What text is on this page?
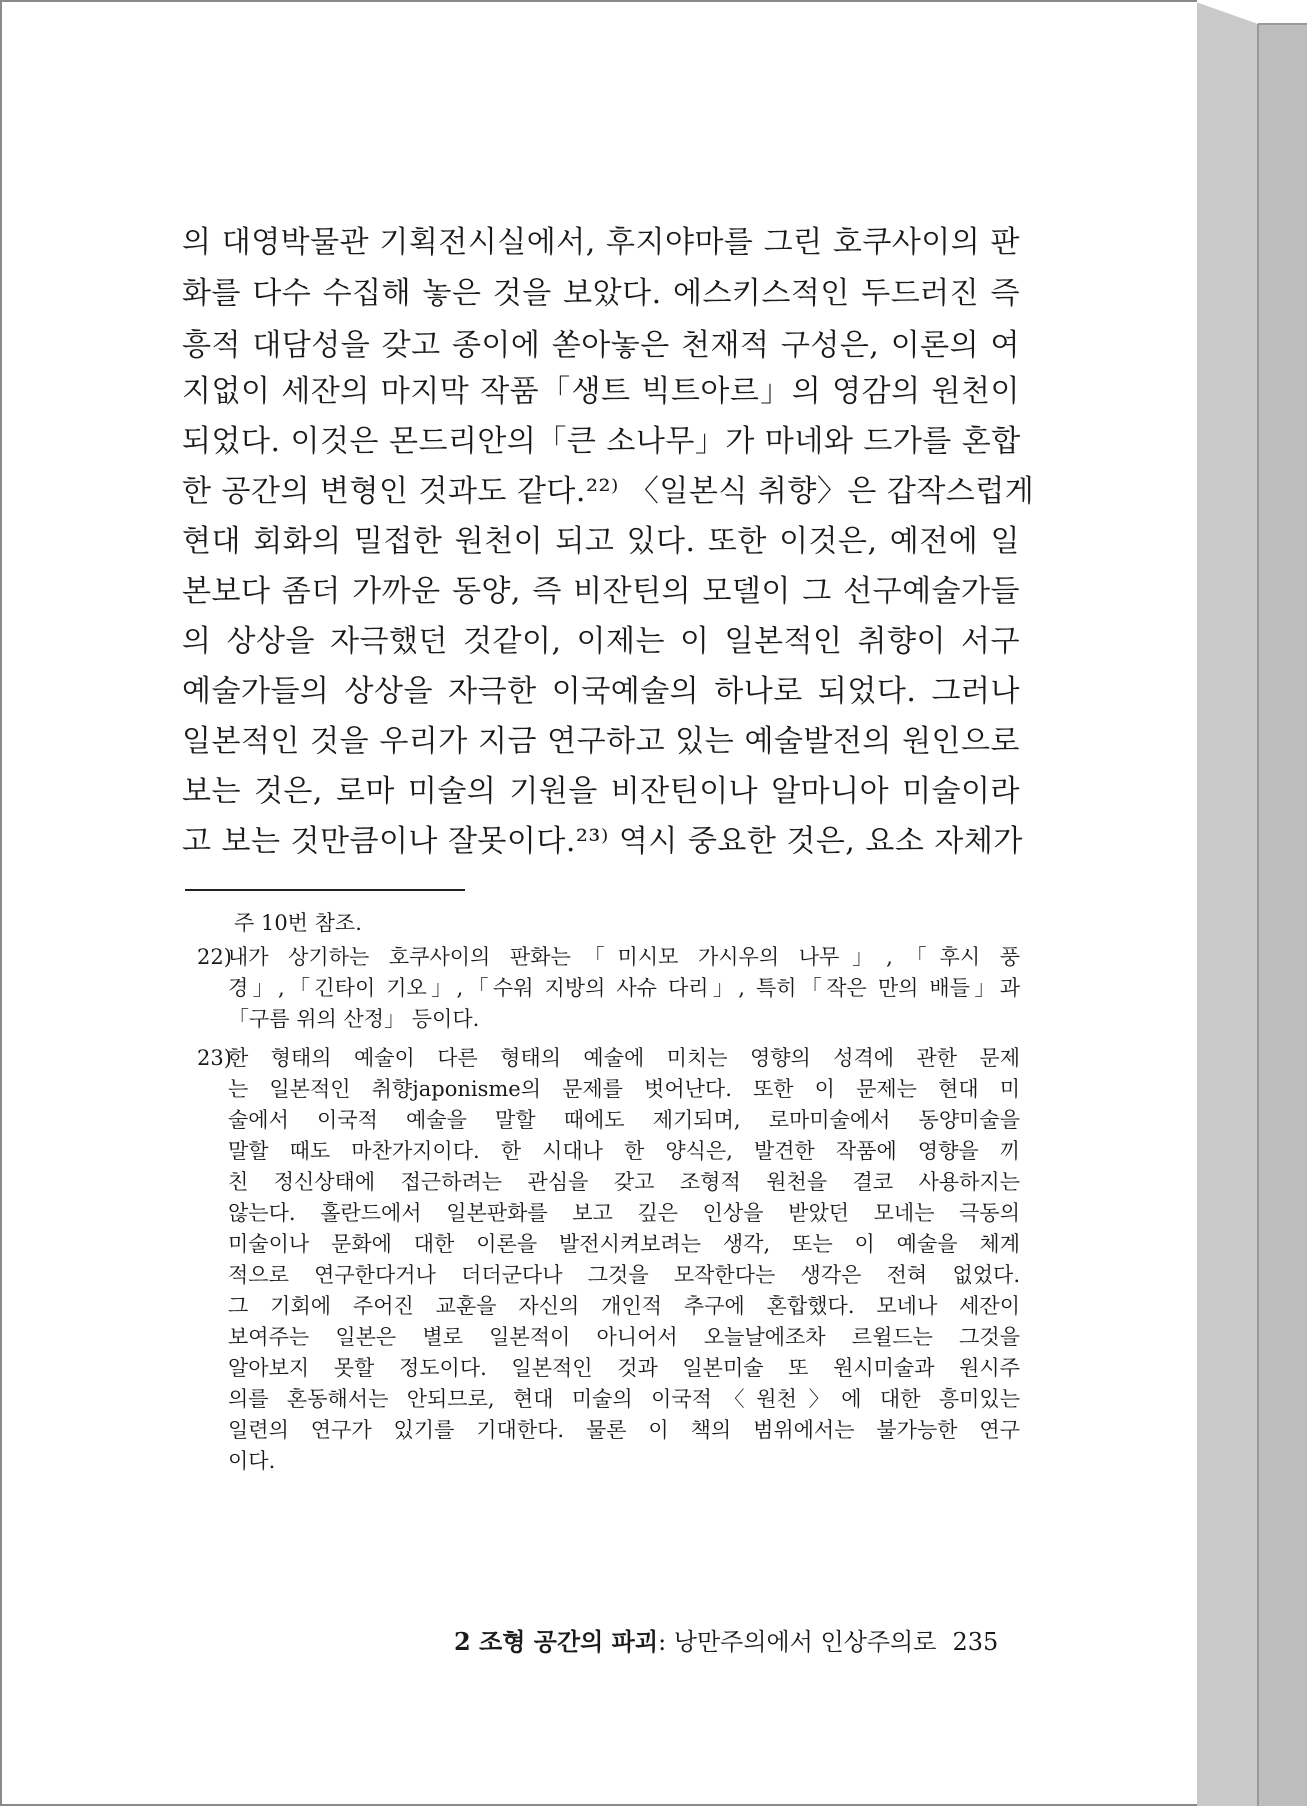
의 대영박물관 기획전시실에서, 후지야마를 그린 호쿠사이의 판
화를 다수 수집해 놓은 것을 보았다. 에스키스적인 두드러진 즉
흥적 대담성을 갖고 종이에 쏟아놓은 천재적 구성은, 이론의 여
지없이 세잔의 마지막 작품「생트 빅트아르」의 영감의 원천이
되었다. 이것은 몬드리안의「큰 소나무」가 마네와 드가를 혼합
한 공간의 변형인 것과도 같다.²²⁾ 〈일본식 취향〉은 갑작스럽게
현대 회화의 밀접한 원천이 되고 있다. 또한 이것은, 예전에 일
본보다 좀더 가까운 동양, 즉 비잔틴의 모델이 그 선구예술가들
의 상상을 자극했던 것같이, 이제는 이 일본적인 취향이 서구
예술가들의 상상을 자극한 이국예술의 하나로 되었다. 그러나
일본적인 것을 우리가 지금 연구하고 있는 예술발전의 원인으로
보는 것은, 로마 미술의 기원을 비잔틴이나 알마니아 미술이라
고 보는 것만큼이나 잘못이다.²³⁾ 역시 중요한 것은, 요소 자체가
주 10번 참조.
22)
내가 상기하는 호쿠사이의 판화는「미시모 가시우의 나무」,「후시 풍
경」,「긴타이 기오」,「수워 지방의 사슈 다리」, 특히「작은 만의 배들」과
「구름 위의 산정」 등이다.
23)
한 형태의 예술이 다른 형태의 예술에 미치는 영향의 성격에 관한 문제
는 일본적인 취향japonisme의 문제를 벗어난다. 또한 이 문제는 현대 미
술에서 이국적 예술을 말할 때에도 제기되며, 로마미술에서 동양미술을
말할 때도 마찬가지이다. 한 시대나 한 양식은, 발견한 작품에 영향을 끼
친 정신상태에 접근하려는 관심을 갖고 조형적 원천을 결코 사용하지는
않는다. 홀란드에서 일본판화를 보고 깊은 인상을 받았던 모네는 극동의
미술이나 문화에 대한 이론을 발전시켜보려는 생각, 또는 이 예술을 체계
적으로 연구한다거나 더더군다나 그것을 모작한다는 생각은 전혀 없었다.
그 기회에 주어진 교훈을 자신의 개인적 추구에 혼합했다. 모네나 세잔이
보여주는 일본은 별로 일본적이 아니어서 오늘날에조차 르윌드는 그것을
알아보지 못할 정도이다. 일본적인 것과 일본미술 또 원시미술과 원시주
의를 혼동해서는 안되므로, 현대 미술의 이국적〈원천〉에 대한 흥미있는
일련의 연구가 있기를 기대한다. 물론 이 책의 범위에서는 불가능한 연구
이다.
2 조형 공간의 파괴: 낭만주의에서 인상주의로 235
